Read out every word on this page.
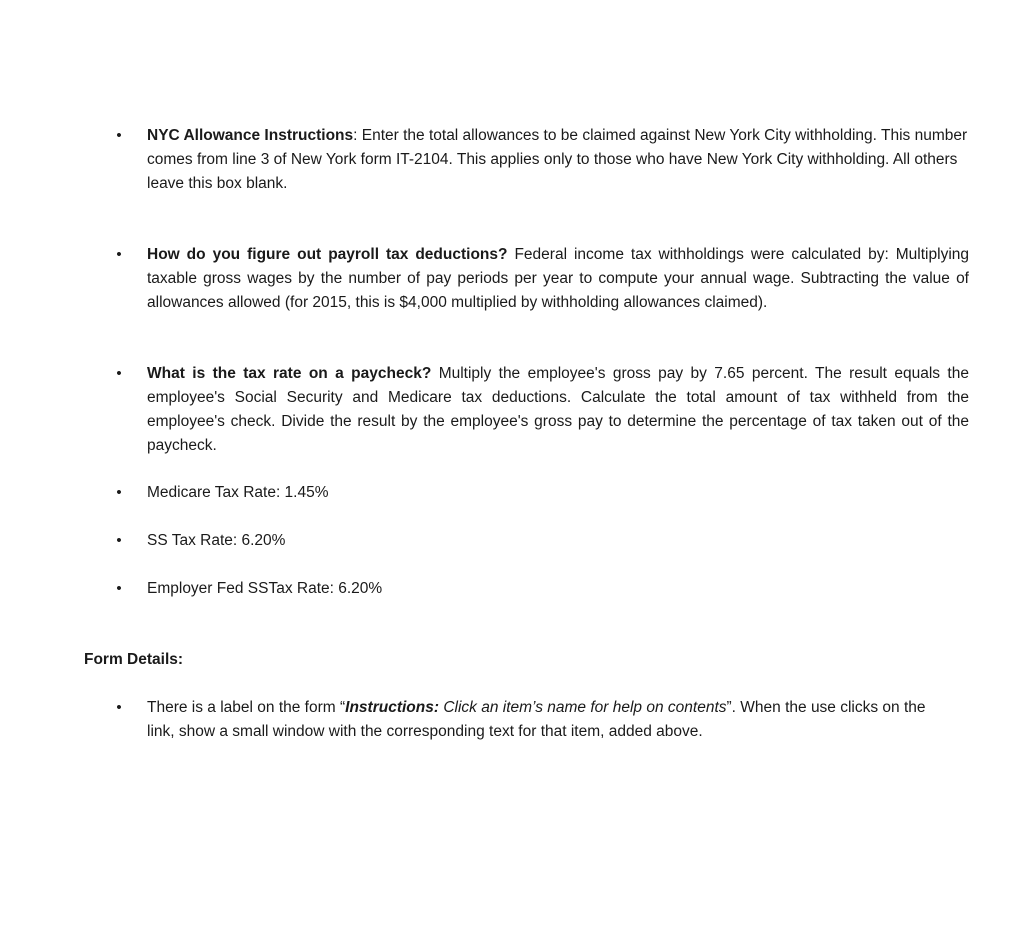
• NYC Allowance Instructions: Enter the total allowances to be claimed against New York City withholding. This number comes from line 3 of New York form IT-2104. This applies only to those who have New York City withholding. All others leave this box blank.
• How do you figure out payroll tax deductions? Federal income tax withholdings were calculated by: Multiplying taxable gross wages by the number of pay periods per year to compute your annual wage. Subtracting the value of allowances allowed (for 2015, this is $4,000 multiplied by withholding allowances claimed).
• What is the tax rate on a paycheck? Multiply the employee's gross pay by 7.65 percent. The result equals the employee's Social Security and Medicare tax deductions. Calculate the total amount of tax withheld from the employee's check. Divide the result by the employee's gross pay to determine the percentage of tax taken out of the paycheck.
• Medicare Tax Rate: 1.45%
• SS Tax Rate: 6.20%
• Employer Fed SSTax Rate: 6.20%
Form Details:
• There is a label on the form “Instructions: Click an item’s name for help on contents”. When the use clicks on the link, show a small window with the corresponding text for that item, added above.
